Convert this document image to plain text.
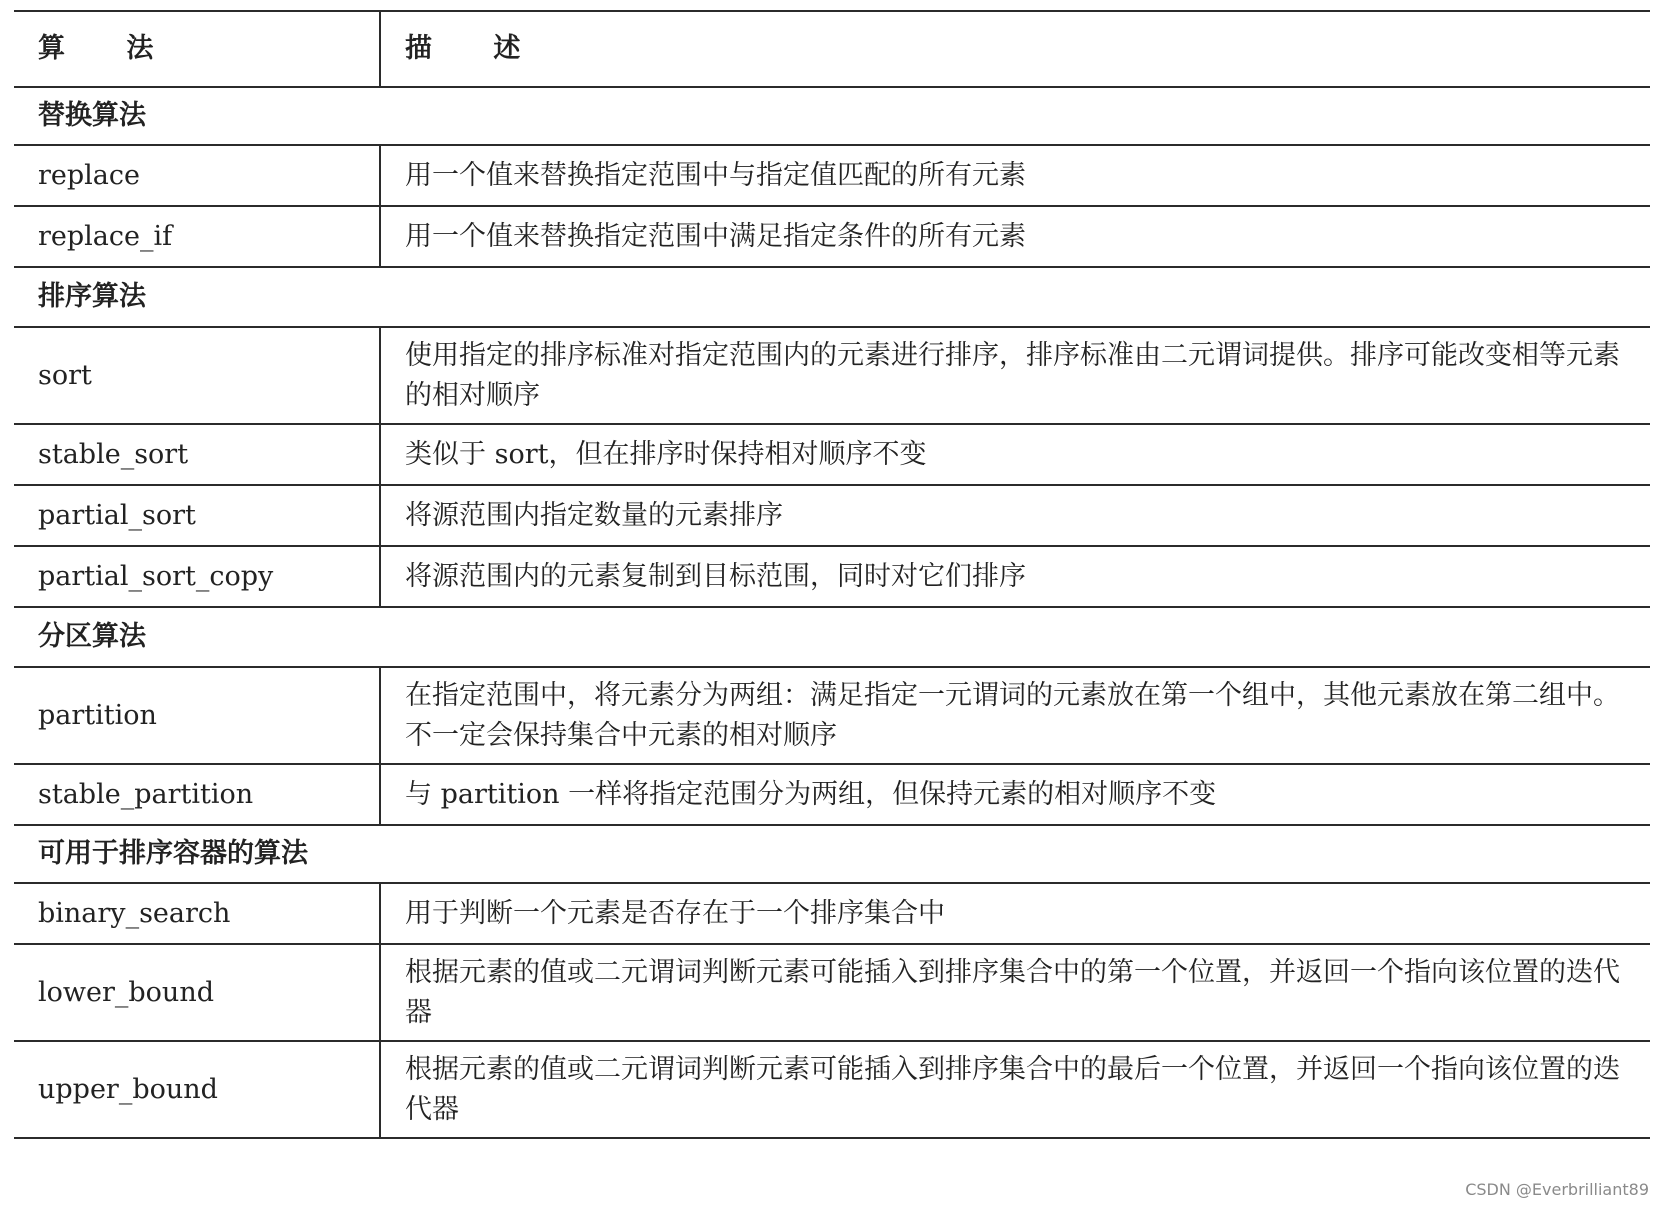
算 法	描 述
替换算法	
replace	用一个值来替换指定范围中与指定值匹配的所有元素
replace_if	用一个值来替换指定范围中满足指定条件的所有元素
排序算法	
sort	使用指定的排序标准对指定范围内的元素进行排序，排序标准由二元谓词提供。排序可能改变相等元素的相对顺序
stable_sort	类似于 sort，但在排序时保持相对顺序不变
partial_sort	将源范围内指定数量的元素排序
partial_sort_copy	将源范围内的元素复制到目标范围，同时对它们排序
分区算法	
partition	在指定范围中，将元素分为两组：满足指定一元谓词的元素放在第一个组中，其他元素放在第二组中。不一定会保持集合中元素的相对顺序
stable_partition	与 partition 一样将指定范围分为两组，但保持元素的相对顺序不变
可用于排序容器的算法	
binary_search	用于判断一个元素是否存在于一个排序集合中
lower_bound	根据元素的值或二元谓词判断元素可能插入到排序集合中的第一个位置，并返回一个指向该位置的迭代器
upper_bound	根据元素的值或二元谓词判断元素可能插入到排序集合中的最后一个位置，并返回一个指向该位置的迭代器
CSDN @Everbrilliant89
